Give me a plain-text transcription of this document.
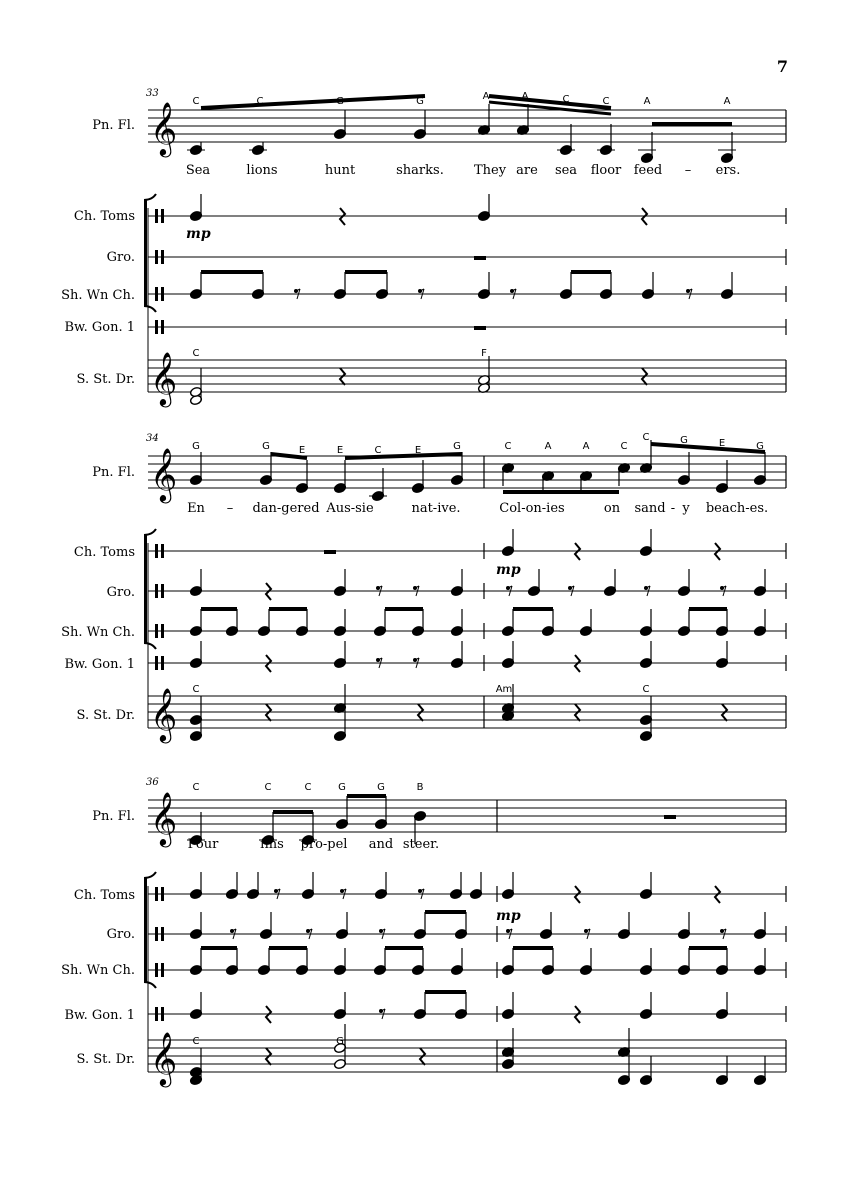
7
𝄞
𝄞
𝄞
𝄞
𝄞
𝄞
33
34
36
Pn. Fl.
Ch. Toms
Gro.
Sh. Wn Ch.
Bw. Gon. 1
S. St. Dr.
Pn. Fl.
Ch. Toms
Gro.
Sh. Wn Ch.
Bw. Gon. 1
S. St. Dr.
Pn. Fl.
Ch. Toms
Gro.
Sh. Wn Ch.
Bw. Gon. 1
S. St. Dr.
C	C	G	G	A	A	C	C	A	A
G	G	E	E	C	E	G	C	A	A	C
C	G	E	G
C	C	C	G	G	B
Sea	lions	hunt	sharks. They are sea floor feed – ers.
En – dan-gered Aus-sie	nat-ive.	Col-on-ies	on sand - y beach-es.
Four	fins pro-pel and steer.
C	F
C	Am	C
C	G
mp
mp
mp
